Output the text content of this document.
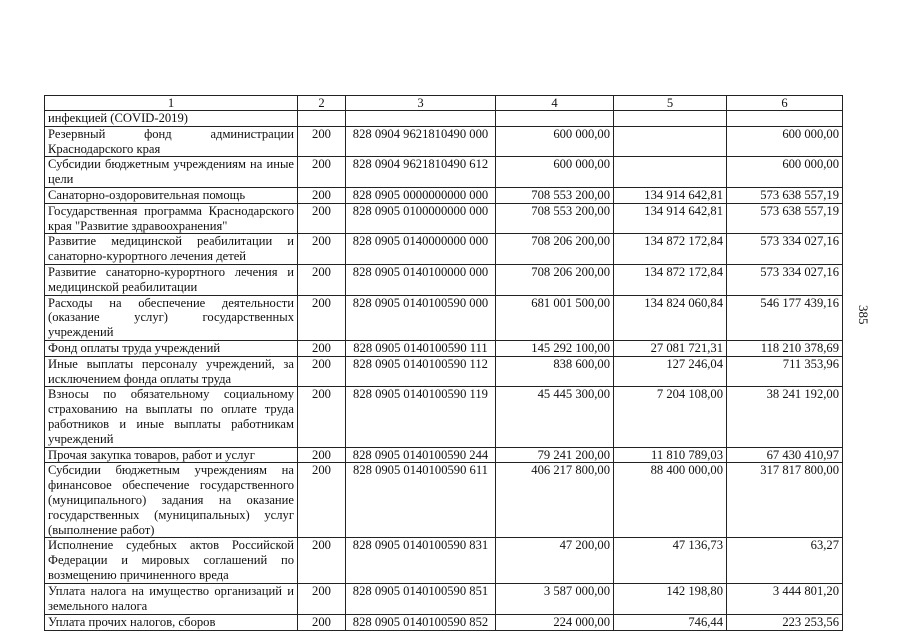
1	2	3	4	5	6
инфекцией (COVID-2019)					
Резервный фонд администрации Краснодарского края	200	828 0904 9621810490 000	600 000,00		600 000,00
Субсидии бюджетным учреждениям на иные цели	200	828 0904 9621810490 612	600 000,00		600 000,00
Санаторно-оздоровительная помощь	200	828 0905 0000000000 000	708 553 200,00	134 914 642,81	573 638 557,19
Государственная программа Краснодарского края "Развитие здравоохранения"	200	828 0905 0100000000 000	708 553 200,00	134 914 642,81	573 638 557,19
Развитие медицинской реабилитации и санаторно-курортного лечения детей	200	828 0905 0140000000 000	708 206 200,00	134 872 172,84	573 334 027,16
Развитие санаторно-курортного лечения и медицинской реабилитации	200	828 0905 0140100000 000	708 206 200,00	134 872 172,84	573 334 027,16
Расходы на обеспечение деятельности (оказание услуг) государственных учреждений	200	828 0905 0140100590 000	681 001 500,00	134 824 060,84	546 177 439,16
Фонд оплаты труда учреждений	200	828 0905 0140100590 111	145 292 100,00	27 081 721,31	118 210 378,69
Иные выплаты персоналу учреждений, за исключением фонда оплаты труда	200	828 0905 0140100590 112	838 600,00	127 246,04	711 353,96
Взносы по обязательному социальному страхованию на выплаты по оплате труда работников и иные выплаты работникам учреждений	200	828 0905 0140100590 119	45 445 300,00	7 204 108,00	38 241 192,00
Прочая закупка товаров, работ и услуг	200	828 0905 0140100590 244	79 241 200,00	11 810 789,03	67 430 410,97
Субсидии бюджетным учреждениям на финансовое обеспечение государственного (муниципального) задания на оказание государственных (муниципальных) услуг (выполнение работ)	200	828 0905 0140100590 611	406 217 800,00	88 400 000,00	317 817 800,00
Исполнение судебных актов Российской Федерации и мировых соглашений по возмещению причиненного вреда	200	828 0905 0140100590 831	47 200,00	47 136,73	63,27
Уплата налога на имущество организаций и земельного налога	200	828 0905 0140100590 851	3 587 000,00	142 198,80	3 444 801,20
Уплата прочих налогов, сборов	200	828 0905 0140100590 852	224 000,00	746,44	223 253,56
385
